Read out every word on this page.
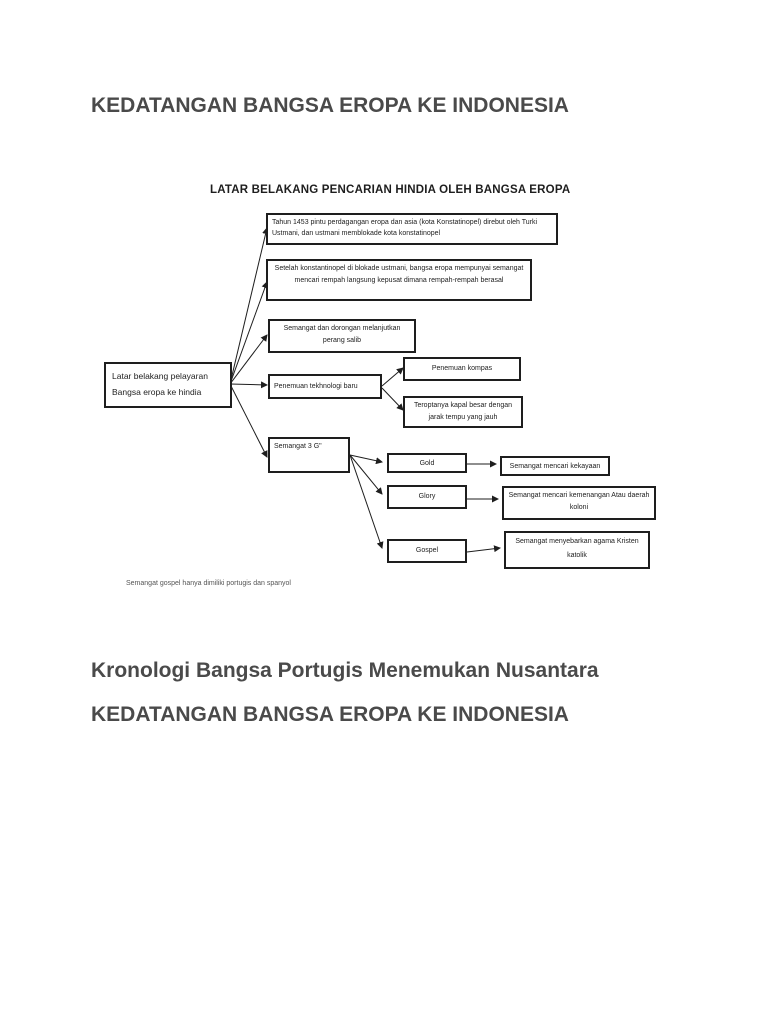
KEDATANGAN BANGSA EROPA KE INDONESIA
LATAR BELAKANG PENCARIAN HINDIA OLEH BANGSA EROPA
Latar belakang pelayaran
Bangsa eropa ke hindia
Tahun 1453 pintu perdagangan eropa dan asia (kota Konstatinopel) direbut oleh Turki Ustmani, dan ustmani memblokade kota konstatinopel
Setelah konstantinopel di blokade ustmani, bangsa eropa mempunyai semangat mencari rempah langsung kepusat dimana rempah-rempah berasal
Semangat dan dorongan melanjutkan perang salib
Penemuan tekhnologi baru
Penemuan kompas
Teroptanya kapal besar dengan jarak tempu yang jauh
Semangat 3 G"
Gold
Glory
Gospel
Semangat mencari kekayaan
Semangat mencari kemenangan Atau daerah koloni
Semangat menyebarkan agama Kristen katolik
Semangat gospel hanya dimiliki portugis dan spanyol
Kronologi Bangsa Portugis Menemukan Nusantara
KEDATANGAN BANGSA EROPA KE INDONESIA
